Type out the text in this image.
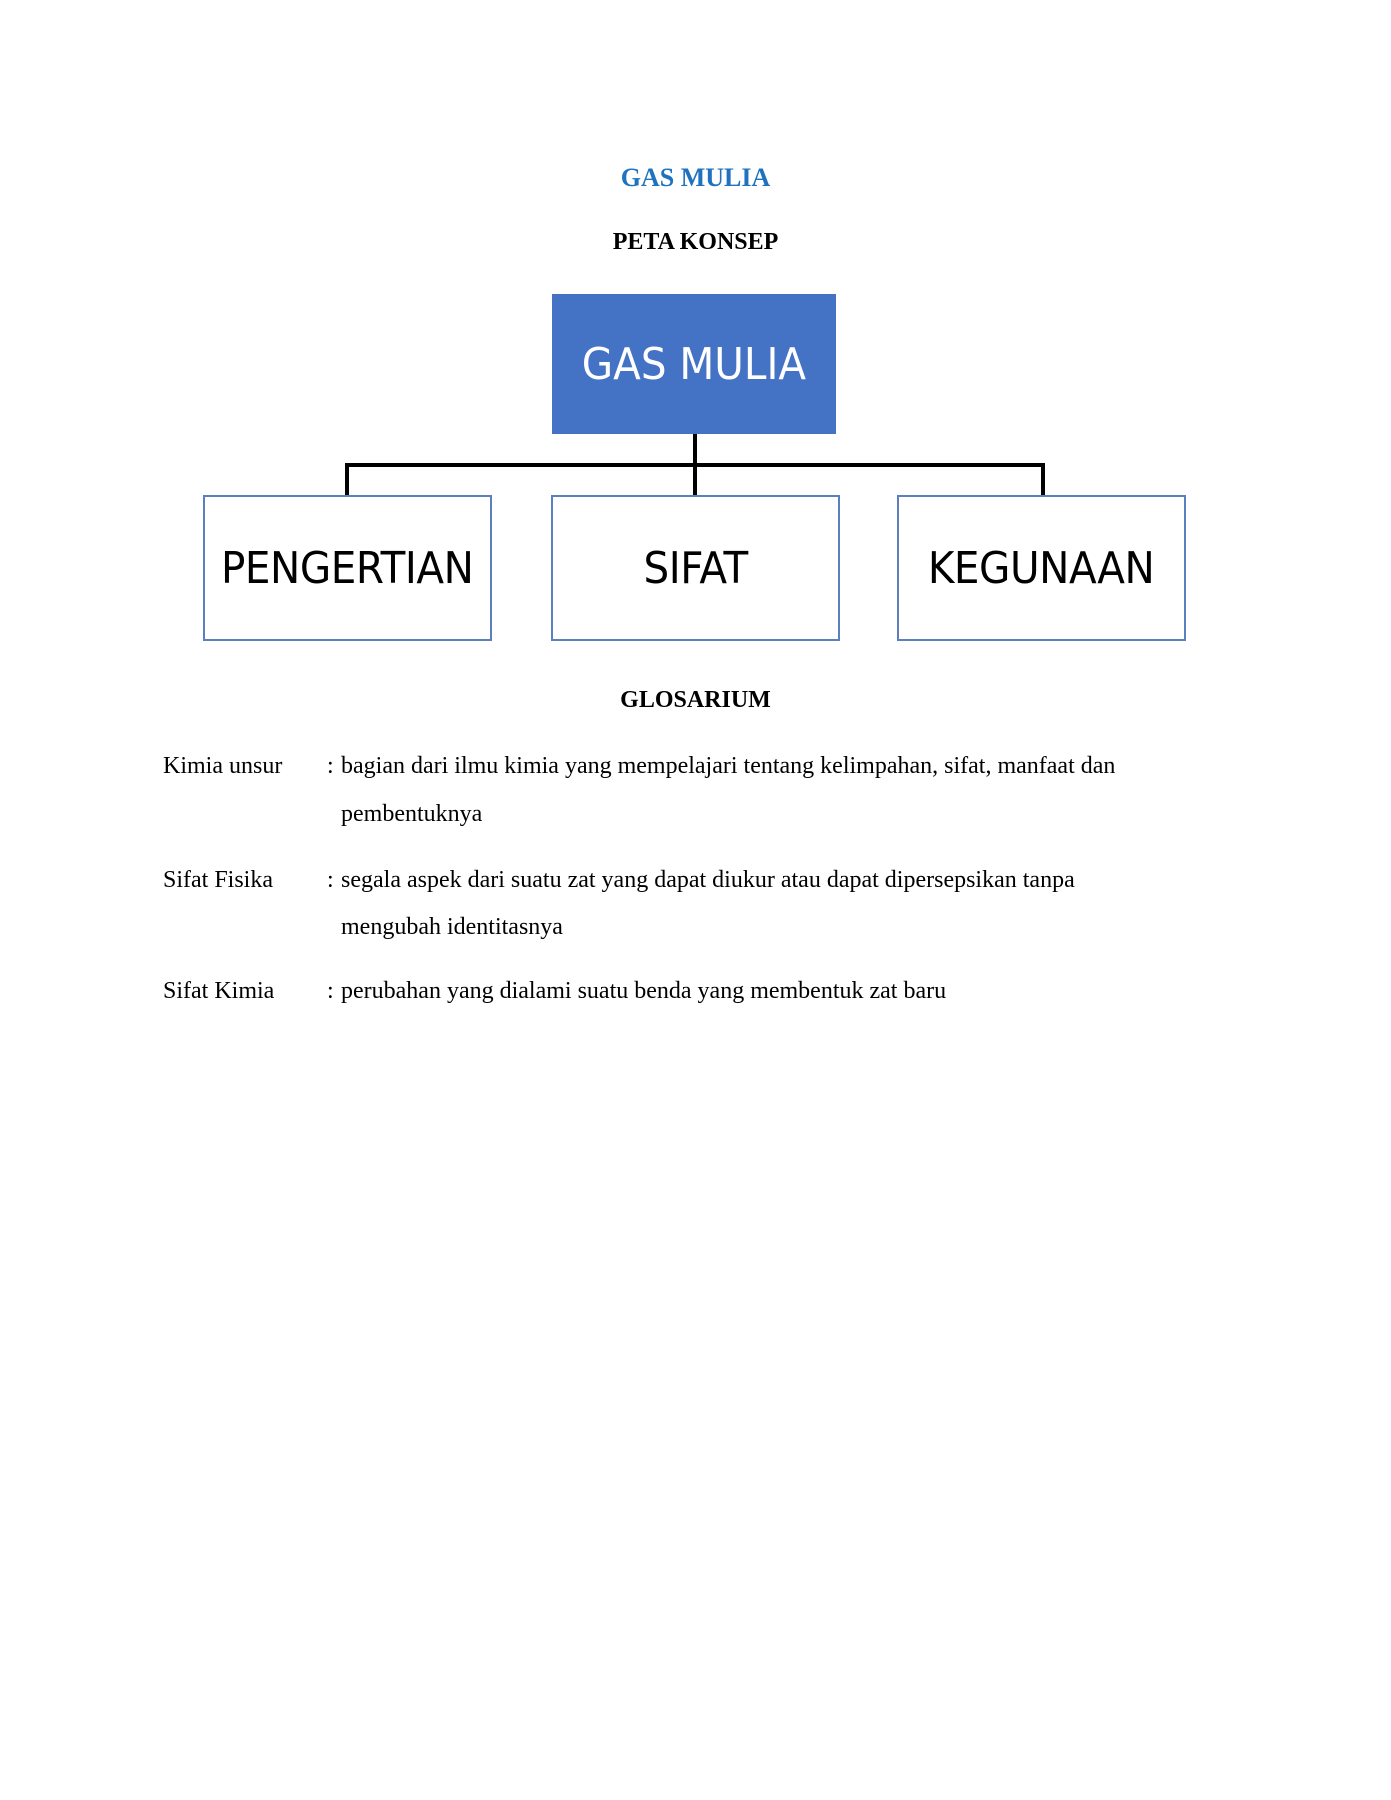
GAS MULIA
PETA KONSEP
GAS MULIA
PENGERTIAN	SIFAT	KEGUNAAN
GLOSARIUM
Kimia unsur : bagian dari ilmu kimia yang mempelajari tentang kelimpahan, sifat, manfaat dan
pembentuknya
Sifat Fisika : segala aspek dari suatu zat yang dapat diukur atau dapat dipersepsikan tanpa
mengubah identitasnya
Sifat Kimia : perubahan yang dialami suatu benda yang membentuk zat baru
